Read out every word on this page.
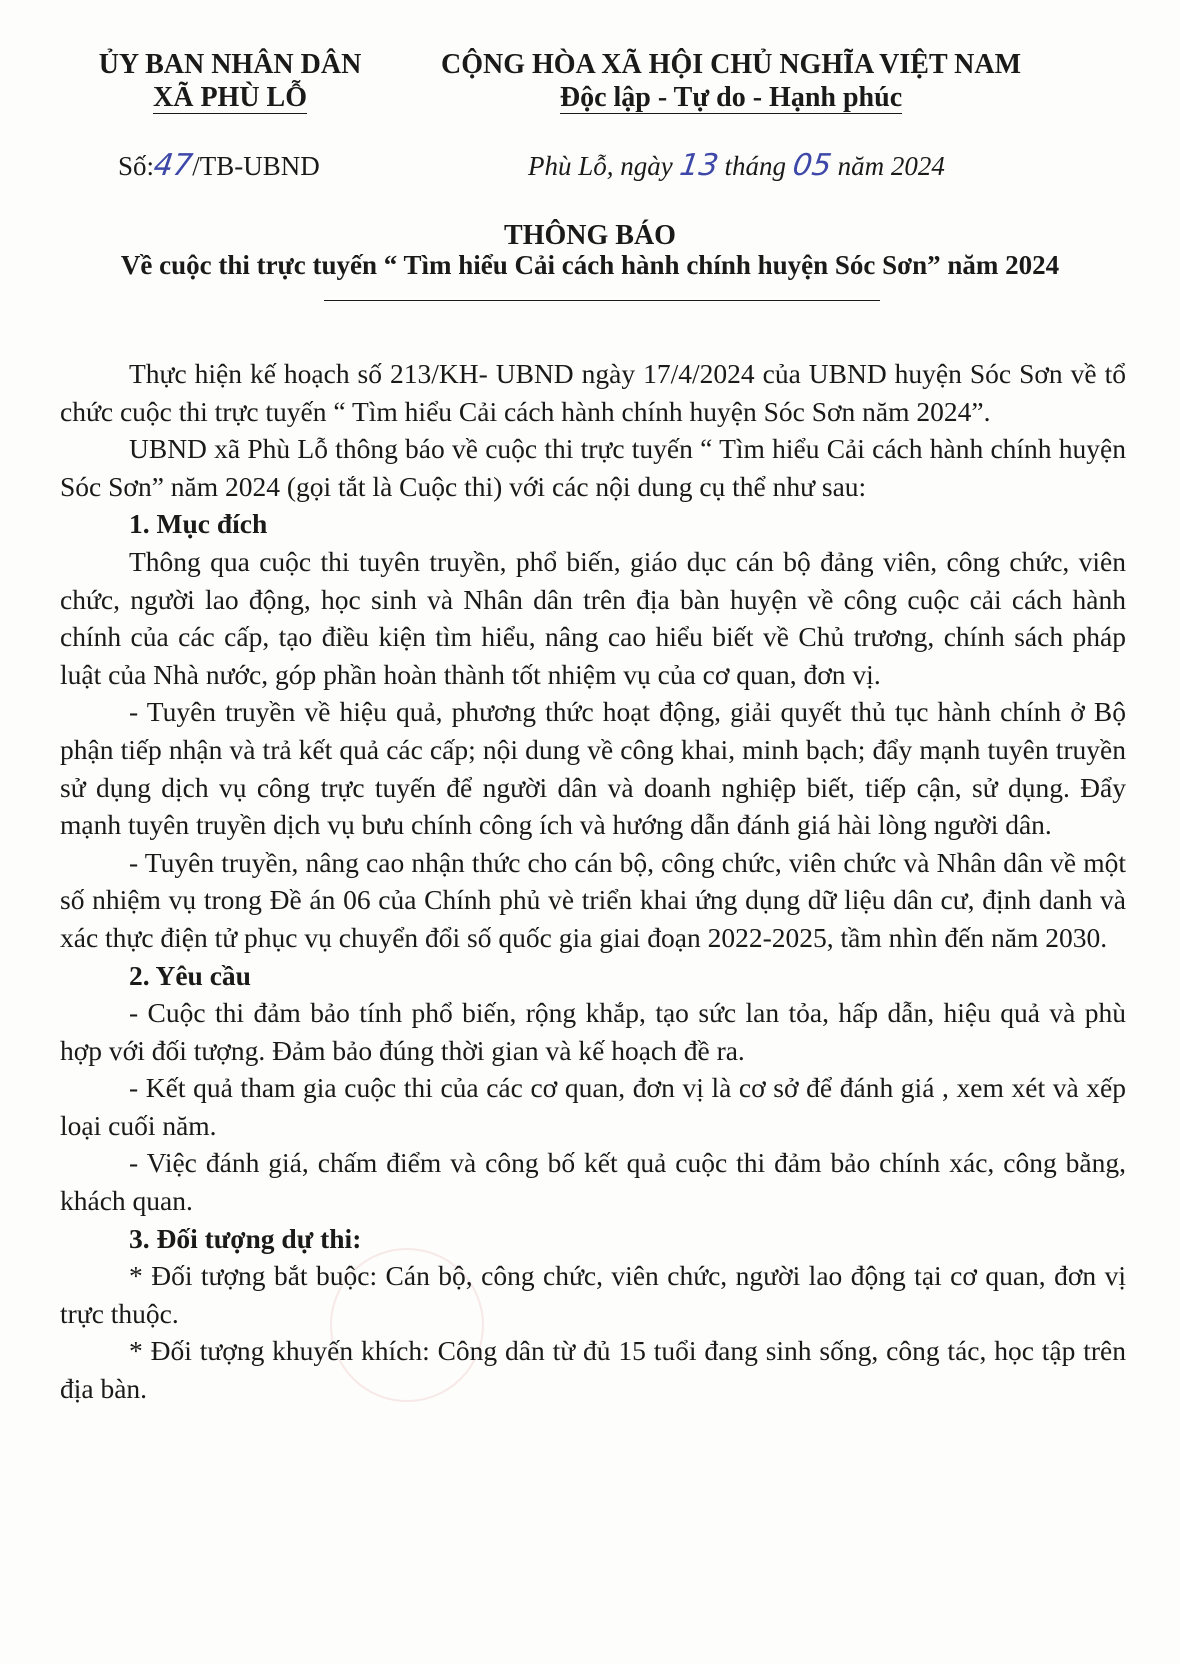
ỦY BAN NHÂN DÂN
XÃ PHÙ LỖ
CỘNG HÒA XÃ HỘI CHỦ NGHĨA VIỆT NAM
Độc lập - Tự do - Hạnh phúc
Số:47/TB-UBND	Phù Lỗ, ngày 13 tháng 05 năm 2024
THÔNG BÁO
Về cuộc thi trực tuyến “ Tìm hiểu Cải cách hành chính huyện Sóc Sơn” năm 2024

Thực hiện kế hoạch số 213/KH- UBND ngày 17/4/2024 của UBND huyện Sóc Sơn về tổ chức cuộc thi trực tuyến “ Tìm hiểu Cải cách hành chính huyện Sóc Sơn năm 2024”.

UBND xã Phù Lỗ thông báo về cuộc thi trực tuyến “ Tìm hiểu Cải cách hành chính huyện Sóc Sơn” năm 2024 (gọi tắt là Cuộc thi) với các nội dung cụ thể như sau:

1. Mục đích

Thông qua cuộc thi tuyên truyền, phổ biến, giáo dục cán bộ đảng viên, công chức, viên chức, người lao động, học sinh và Nhân dân trên địa bàn huyện về công cuộc cải cách hành chính của các cấp, tạo điều kiện tìm hiểu, nâng cao hiểu biết về Chủ trương, chính sách pháp luật của Nhà nước, góp phần hoàn thành tốt nhiệm vụ của cơ quan, đơn vị.

- Tuyên truyền về hiệu quả, phương thức hoạt động, giải quyết thủ tục hành chính ở Bộ phận tiếp nhận và trả kết quả các cấp; nội dung về công khai, minh bạch; đẩy mạnh tuyên truyền sử dụng dịch vụ công trực tuyến để người dân và doanh nghiệp biết, tiếp cận, sử dụng. Đẩy mạnh tuyên truyền dịch vụ bưu chính công ích và hướng dẫn đánh giá hài lòng người dân.

- Tuyên truyền, nâng cao nhận thức cho cán bộ, công chức, viên chức và Nhân dân về một số nhiệm vụ trong Đề án 06 của Chính phủ vè triển khai ứng dụng dữ liệu dân cư, định danh và xác thực điện tử phục vụ chuyển đổi số quốc gia giai đoạn 2022-2025, tầm nhìn đến năm 2030.

2. Yêu cầu

- Cuộc thi đảm bảo tính phổ biến, rộng khắp, tạo sức lan tỏa, hấp dẫn, hiệu quả và phù hợp với đối tượng. Đảm bảo đúng thời gian và kế hoạch đề ra.

- Kết quả tham gia cuộc thi của các cơ quan, đơn vị là cơ sở để đánh giá , xem xét và xếp loại cuối năm.

- Việc đánh giá, chấm điểm và công bố kết quả cuộc thi đảm bảo chính xác, công bằng, khách quan.

3. Đối tượng dự thi:

* Đối tượng bắt buộc: Cán bộ, công chức, viên chức, người lao động tại cơ quan, đơn vị trực thuộc.

* Đối tượng khuyến khích: Công dân từ đủ 15 tuổi đang sinh sống, công tác, học tập trên địa bàn.
